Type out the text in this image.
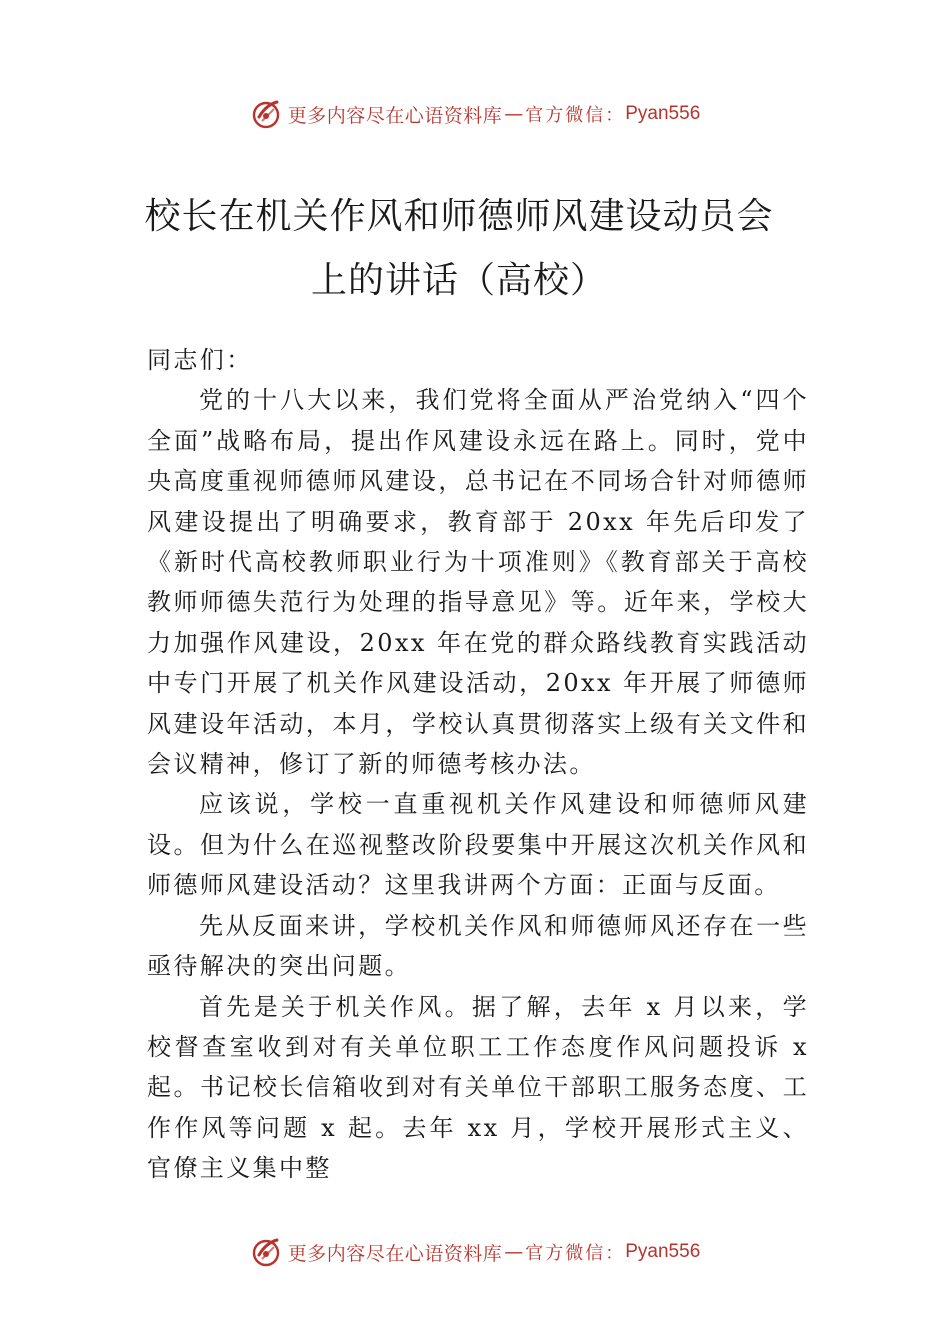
更多内容尽在心语资料库 — 官方微信： Pyan556
校长在机关作风和师德师风建设动员会
上的讲话（高校）

同志们：

党的十八大以来，我们党将全面从严治党纳入“四个全面”战略布局，提出作风建设永远在路上。同时，党中央高度重视师德师风建设，总书记在不同场合针对师德师风建设提出了明确要求，教育部于 20xx 年先后印发了《新时代高校教师职业行为十项准则》《教育部关于高校教师师德失范行为处理的指导意见》等。近年来，学校大力加强作风建设，20xx 年在党的群众路线教育实践活动中专门开展了机关作风建设活动，20xx 年开展了师德师风建设年活动，本月，学校认真贯彻落实上级有关文件和会议精神，修订了新的师德考核办法。

应该说，学校一直重视机关作风建设和师德师风建设。但为什么在巡视整改阶段要集中开展这次机关作风和师德师风建设活动？这里我讲两个方面：正面与反面。

先从反面来讲，学校机关作风和师德师风还存在一些亟待解决的突出问题。

首先是关于机关作风。据了解，去年 x 月以来，学校督查室收到对有关单位职工工作态度作风问题投诉 x 起。书记校长信箱收到对有关单位干部职工服务态度、工作作风等问题 x 起。去年 xx 月，学校开展形式主义、官僚主义集中整

更多内容尽在心语资料库 — 官方微信： Pyan556
